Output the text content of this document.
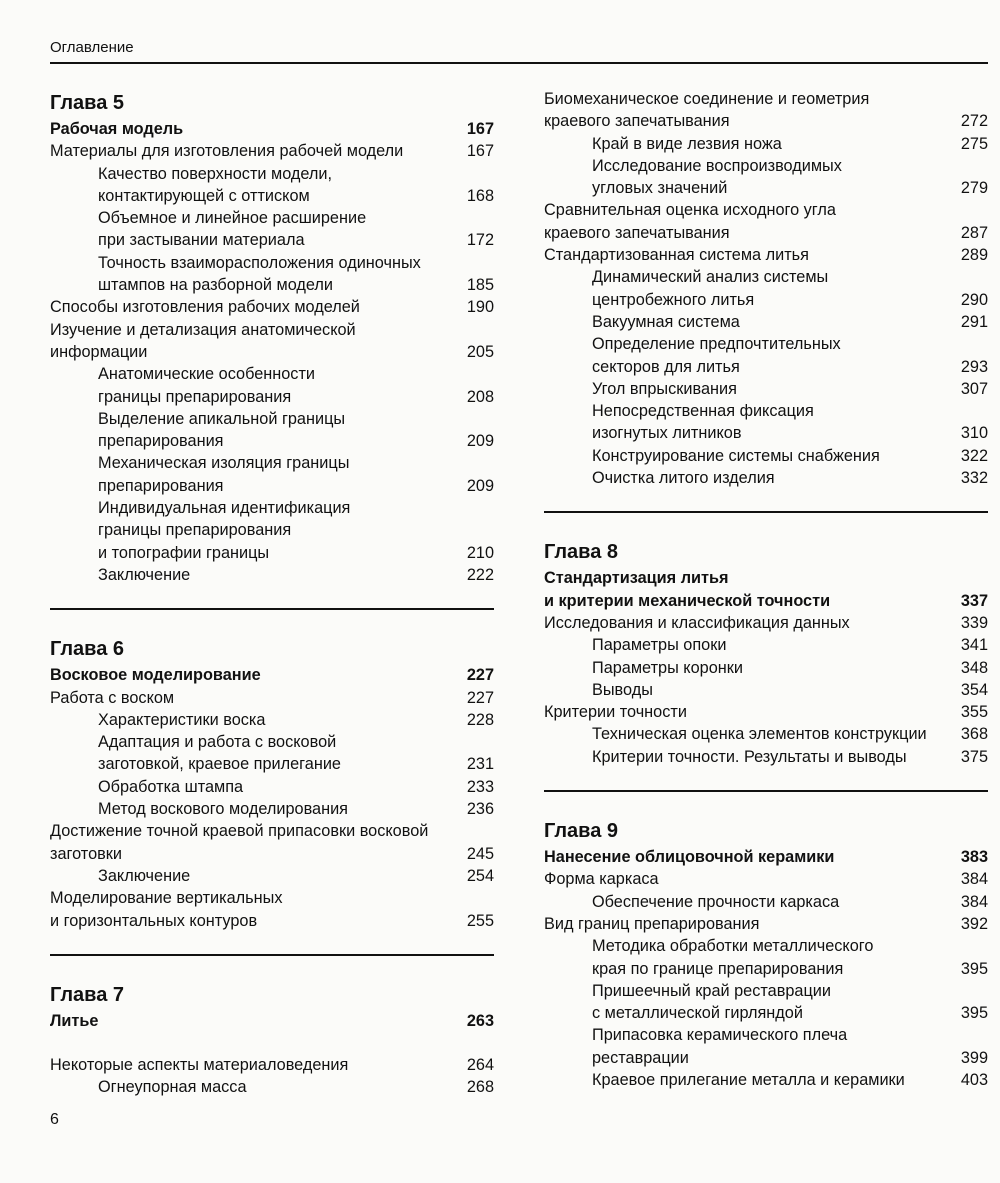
Оглавление
Глава 5
Рабочая модель	167
Материалы для изготовления рабочей модели	167
Качество поверхности модели,
контактирующей с оттиском	168
Объемное и линейное расширение
при застывании материала	172
Точность взаиморасположения одиночных
штампов на разборной модели	185
Способы изготовления рабочих моделей	190
Изучение и детализация анатомической
информации	205
Анатомические особенности
границы препарирования	208
Выделение апикальной границы
препарирования	209
Механическая изоляция границы
препарирования	209
Индивидуальная идентификация
границы препарирования
и топографии границы	210
Заключение	222
Глава 6
Восковое моделирование	227
Работа с воском	227
Характеристики воска	228
Адаптация и работа с восковой
заготовкой, краевое прилегание	231
Обработка штампа	233
Метод воскового моделирования	236
Достижение точной краевой припасовки восковой
заготовки	245
Заключение	254
Моделирование вертикальных
и горизонтальных контуров	255
Глава 7
Литье	263
Некоторые аспекты материаловедения	264
Огнеупорная масса	268
Биомеханическое соединение и геометрия
краевого запечатывания	272
Край в виде лезвия ножа	275
Исследование воспроизводимых
угловых значений	279
Сравнительная оценка исходного угла
краевого запечатывания	287
Стандартизованная система литья	289
Динамический анализ системы
центробежного литья	290
Вакуумная система	291
Определение предпочтительных
секторов для литья	293
Угол впрыскивания	307
Непосредственная фиксация
изогнутых литников	310
Конструирование системы снабжения	322
Очистка литого изделия	332
Глава 8
Стандартизация литья
и критерии механической точности	337
Исследования и классификация данных	339
Параметры опоки	341
Параметры коронки	348
Выводы	354
Критерии точности	355
Техническая оценка элементов конструкции	368
Критерии точности. Результаты и выводы	375
Глава 9
Нанесение облицовочной керамики	383
Форма каркаса	384
Обеспечение прочности каркаса	384
Вид границ препарирования	392
Методика обработки металлического
края по границе препарирования	395
Пришеечный край реставрации
с металлической гирляндой	395
Припасовка керамического плеча
реставрации	399
Краевое прилегание металла и керамики	403
6
